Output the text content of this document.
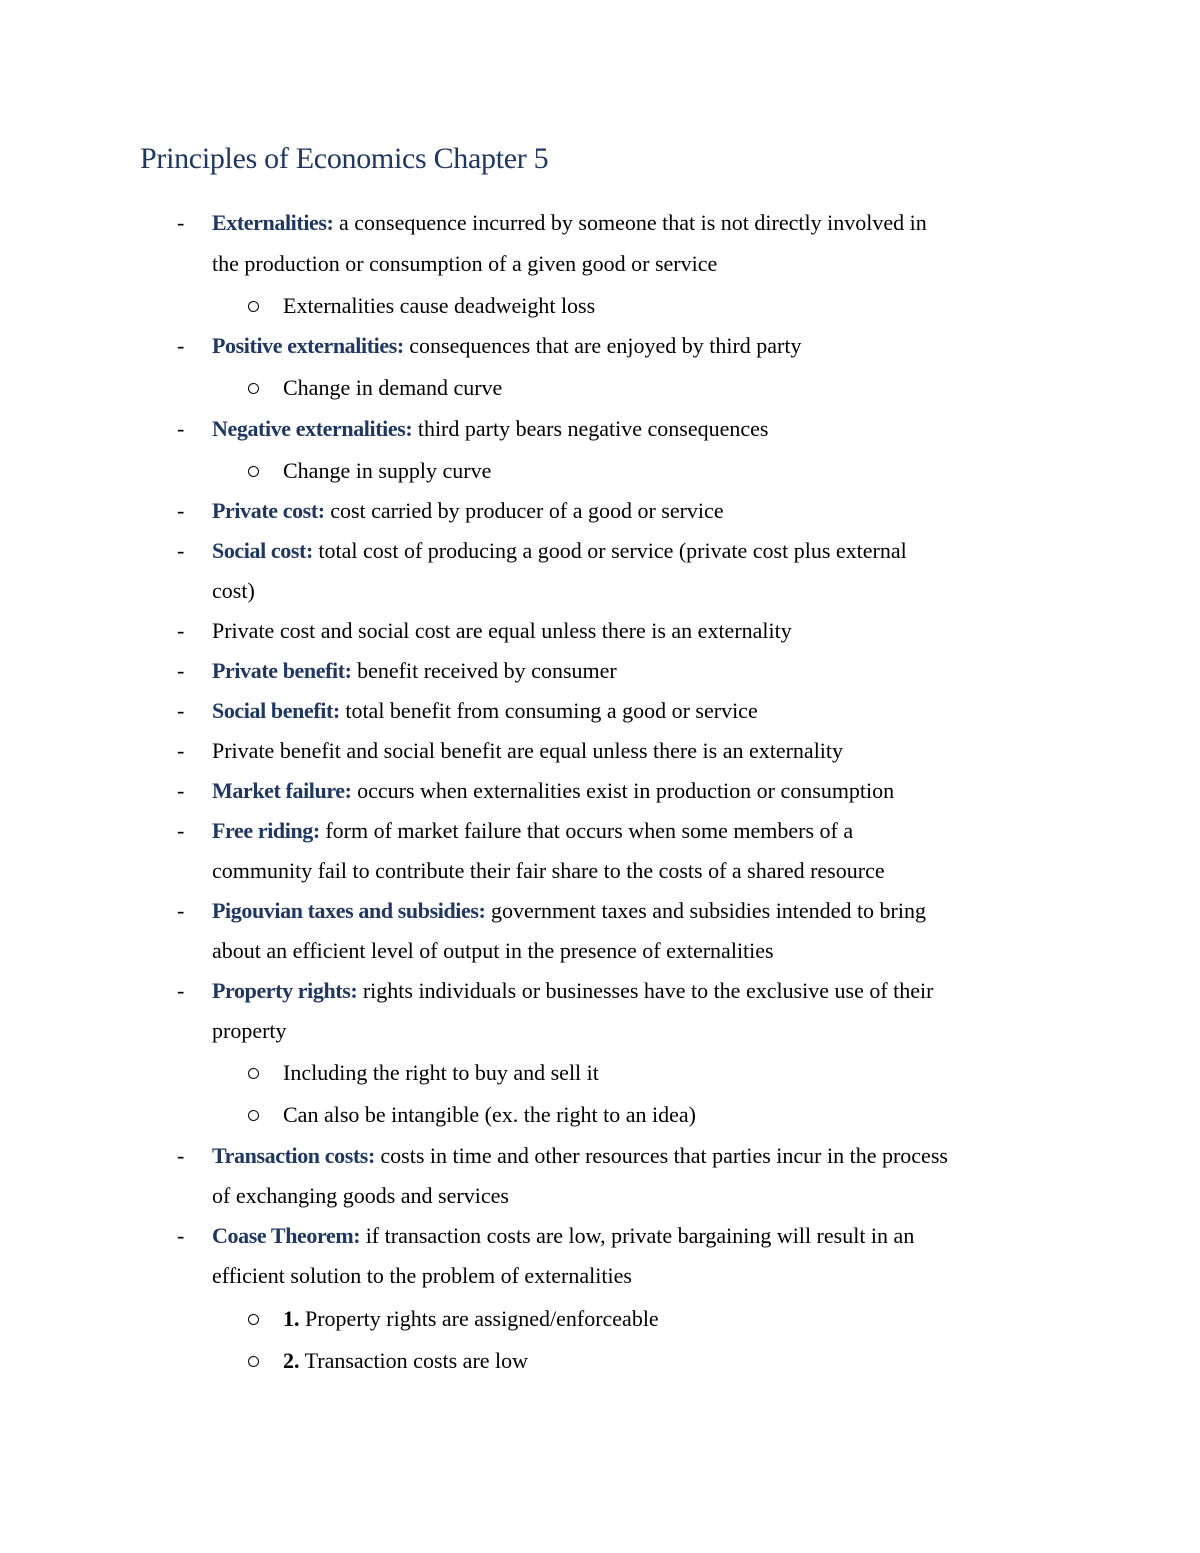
Principles of Economics Chapter 5
- Externalities: a consequence incurred by someone that is not directly involved in
the production or consumption of a given good or service
Externalities cause deadweight loss
- Positive externalities: consequences that are enjoyed by third party
Change in demand curve
- Negative externalities: third party bears negative consequences
Change in supply curve
- Private cost: cost carried by producer of a good or service
- Social cost: total cost of producing a good or service (private cost plus external
cost)
- Private cost and social cost are equal unless there is an externality
- Private benefit: benefit received by consumer
- Social benefit: total benefit from consuming a good or service
- Private benefit and social benefit are equal unless there is an externality
- Market failure: occurs when externalities exist in production or consumption
- Free riding: form of market failure that occurs when some members of a
community fail to contribute their fair share to the costs of a shared resource
- Pigouvian taxes and subsidies: government taxes and subsidies intended to bring
about an efficient level of output in the presence of externalities
- Property rights: rights individuals or businesses have to the exclusive use of their
property
Including the right to buy and sell it
Can also be intangible (ex. the right to an idea)
- Transaction costs: costs in time and other resources that parties incur in the process
of exchanging goods and services
- Coase Theorem: if transaction costs are low, private bargaining will result in an
efficient solution to the problem of externalities
1. Property rights are assigned/enforceable
2. Transaction costs are low
